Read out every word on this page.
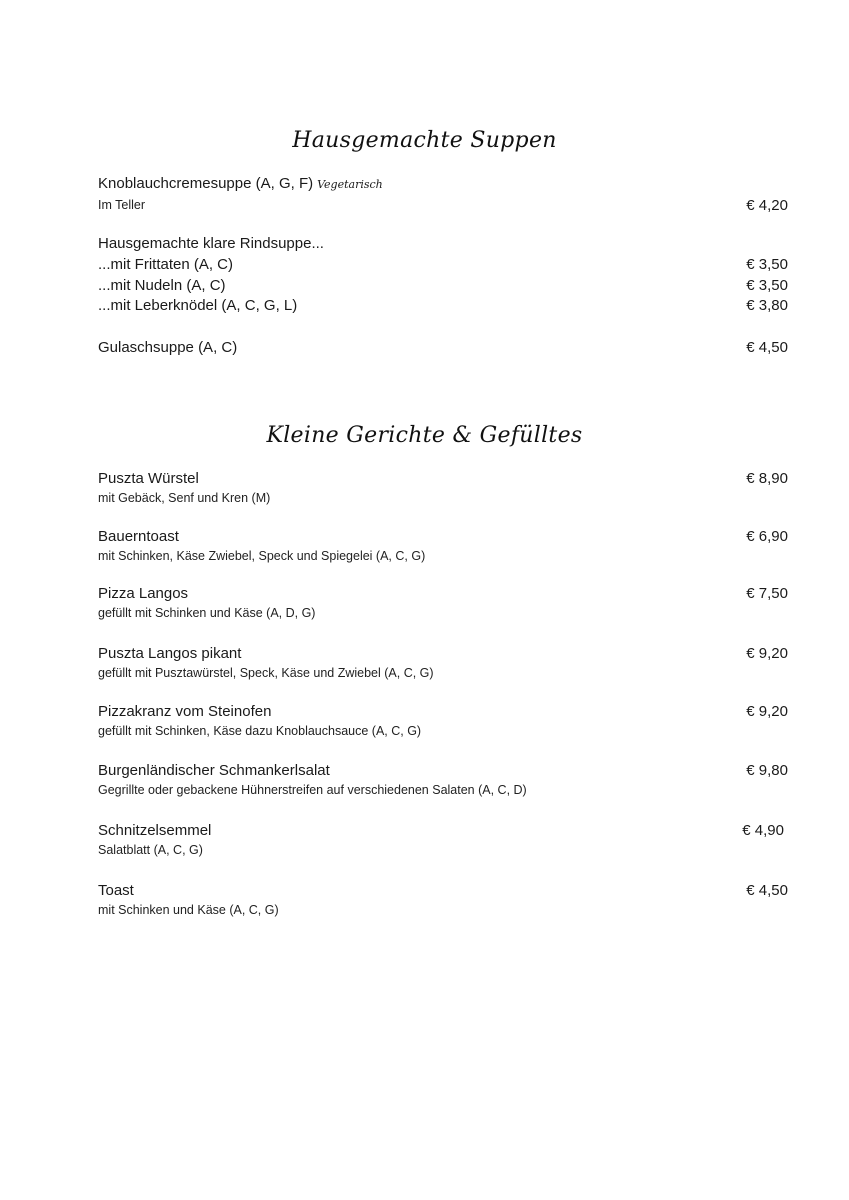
Hausgemachte Suppen
Knoblauchcremesuppe (A, G, F) Vegetarisch
Im Teller	€ 4,20
Hausgemachte klare Rindsuppe...
...mit Frittaten (A, C)	€ 3,50
...mit Nudeln (A, C)	€ 3,50
...mit Leberknödel (A, C, G, L)	€ 3,80
Gulaschsuppe (A, C)	€ 4,50
Kleine Gerichte & Gefülltes
Puszta Würstel	€ 8,90
mit Gebäck, Senf und Kren (M)
Bauerntoast	€ 6,90
mit Schinken, Käse Zwiebel, Speck und Spiegelei (A, C, G)
Pizza Langos	€ 7,50
gefüllt mit Schinken und Käse (A, D, G)
Puszta Langos pikant	€ 9,20
gefüllt mit Pusztawürstel, Speck, Käse und Zwiebel (A, C, G)
Pizzakranz vom Steinofen	€ 9,20
gefüllt mit Schinken, Käse dazu Knoblauchsauce (A, C, G)
Burgenländischer Schmankerlsalat	€ 9,80
Gegrillte oder gebackene Hühnerstreifen auf verschiedenen Salaten (A, C, D)
Schnitzelsemmel	€ 4,90
Salatblatt (A, C, G)
Toast	€ 4,50
mit Schinken und Käse (A, C, G)
